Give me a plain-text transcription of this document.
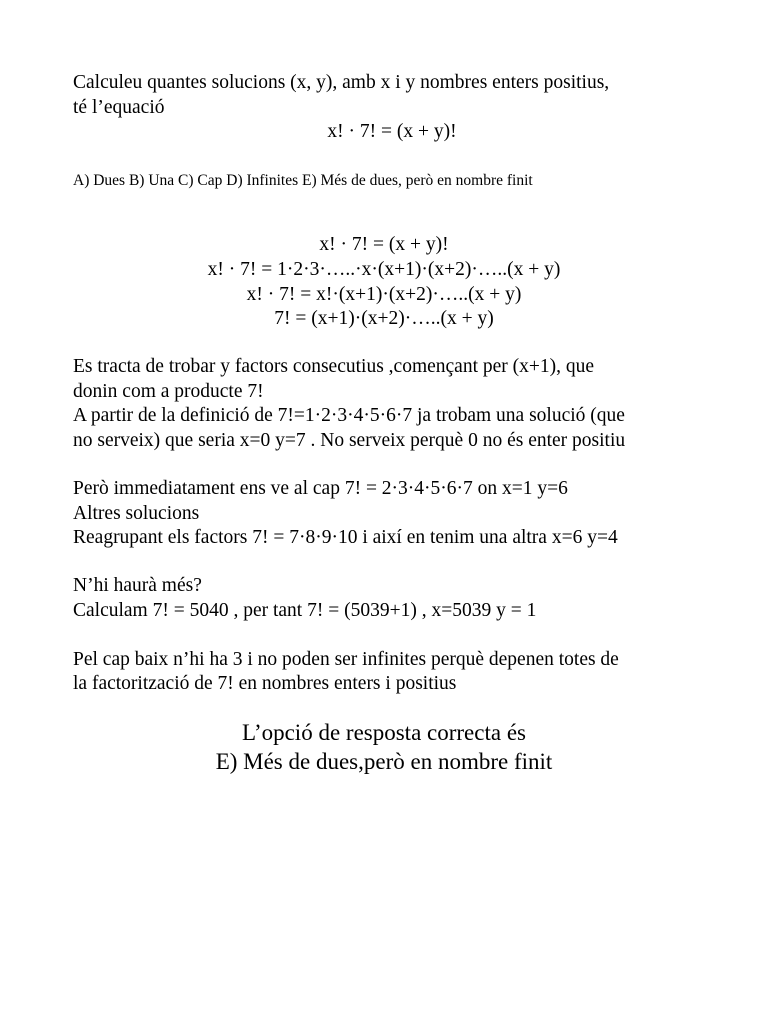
Calculeu quantes solucions (x, y), amb x i y nombres enters positius,
té l’equació
x! · 7! = (x + y)!
A) Dues B) Una C) Cap D) Infinites E) Més de dues, però en nombre finit
x! · 7! = (x + y)!
x! · 7! = 1·2·3·…..·x·(x+1)·(x+2)·…..(x + y)
x! · 7! = x!·(x+1)·(x+2)·…..(x + y)
7! = (x+1)·(x+2)·…..(x + y)
Es tracta de trobar y factors consecutius ,començant per (x+1), que
donin com a producte 7!
A partir de la definició de 7!=1·2·3·4·5·6·7 ja trobam una solució (que
no serveix) que seria x=0 y=7 . No serveix perquè 0 no és enter positiu
Però immediatament ens ve al cap 7! = 2·3·4·5·6·7 on x=1 y=6
Altres solucions
Reagrupant els factors 7! = 7·8·9·10 i així en tenim una altra x=6 y=4
N’hi haurà més?
Calculam 7! = 5040 , per tant 7! = (5039+1) , x=5039 y = 1
Pel cap baix n’hi ha 3 i no poden ser infinites perquè depenen totes de
la factorització de 7! en nombres enters i positius
L’opció de resposta correcta és
E) Més de dues,però en nombre finit
